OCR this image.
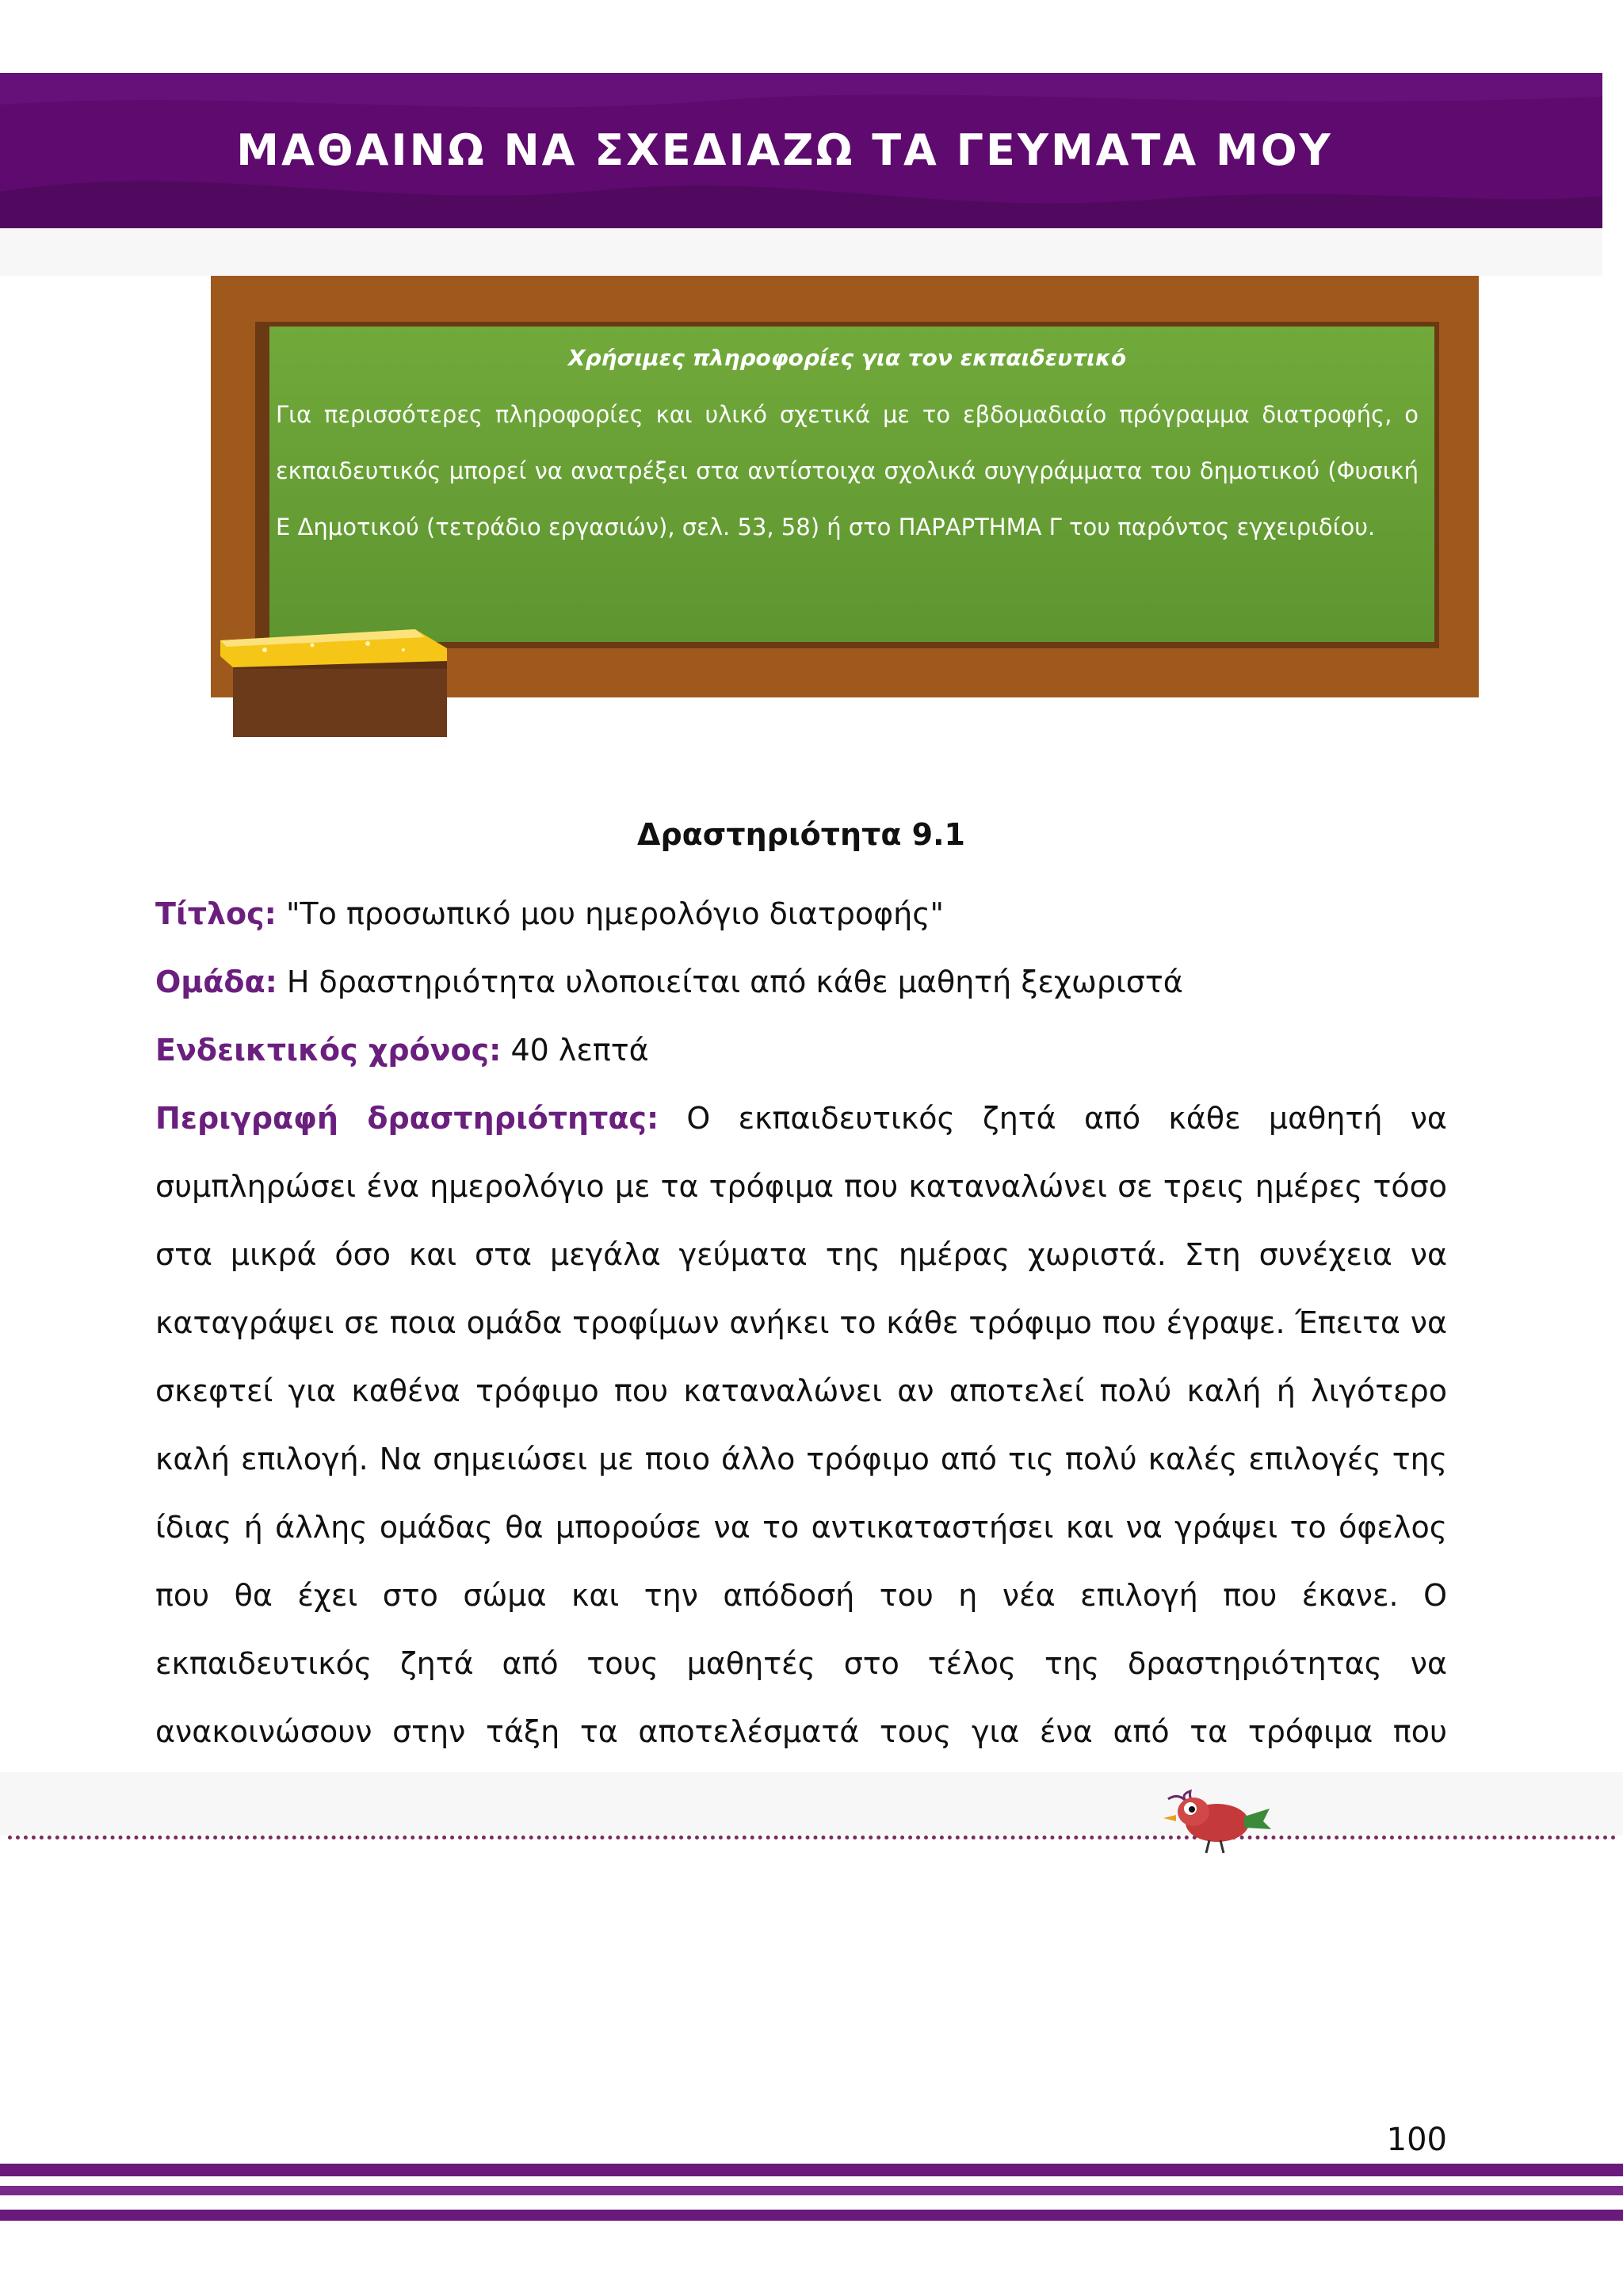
ΜΑΘΑΙΝΩ ΝΑ ΣΧΕΔΙΑΖΩ ΤΑ ΓΕΥΜΑΤΑ ΜΟΥ

Χρήσιμες πληροφορίες για τον εκπαιδευτικό

Για περισσότερες πληροφορίες και υλικό σχετικά με το εβδομαδιαίο πρόγραμμα διατροφής, ο εκπαιδευτικός μπορεί να ανατρέξει στα αντίστοιχα σχολικά συγγράμματα του δημοτικού (Φυσική Ε Δημοτικού (τετράδιο εργασιών), σελ. 53, 58) ή στο ΠΑΡΑΡΤΗΜΑ Γ του παρόντος εγχειριδίου.

Δραστηριότητα 9.1

Τίτλος: "Το προσωπικό μου ημερολόγιο διατροφής"

Ομάδα: Η δραστηριότητα υλοποιείται από κάθε μαθητή ξεχωριστά

Ενδεικτικός χρόνος: 40 λεπτά

Περιγραφή δραστηριότητας: Ο εκπαιδευτικός ζητά από κάθε μαθητή να συμπληρώσει ένα ημερολόγιο με τα τρόφιμα που καταναλώνει σε τρεις ημέρες τόσο στα μικρά όσο και στα μεγάλα γεύματα της ημέρας χωριστά. Στη συνέχεια να καταγράψει σε ποια ομάδα τροφίμων ανήκει το κάθε τρόφιμο που έγραψε. Έπειτα να σκεφτεί για καθένα τρόφιμο που καταναλώνει αν αποτελεί πολύ καλή ή λιγότερο καλή επιλογή. Να σημειώσει με ποιο άλλο τρόφιμο από τις πολύ καλές επιλογές της ίδιας ή άλλης ομάδας θα μπορούσε να το αντικαταστήσει και να γράψει το όφελος που θα έχει στο σώμα και την απόδοσή του η νέα επιλογή που έκανε. Ο εκπαιδευτικός ζητά από τους μαθητές στο τέλος της δραστηριότητας να ανακοινώσουν στην τάξη τα αποτελέσματά τους για ένα από τα τρόφιμα που

100
